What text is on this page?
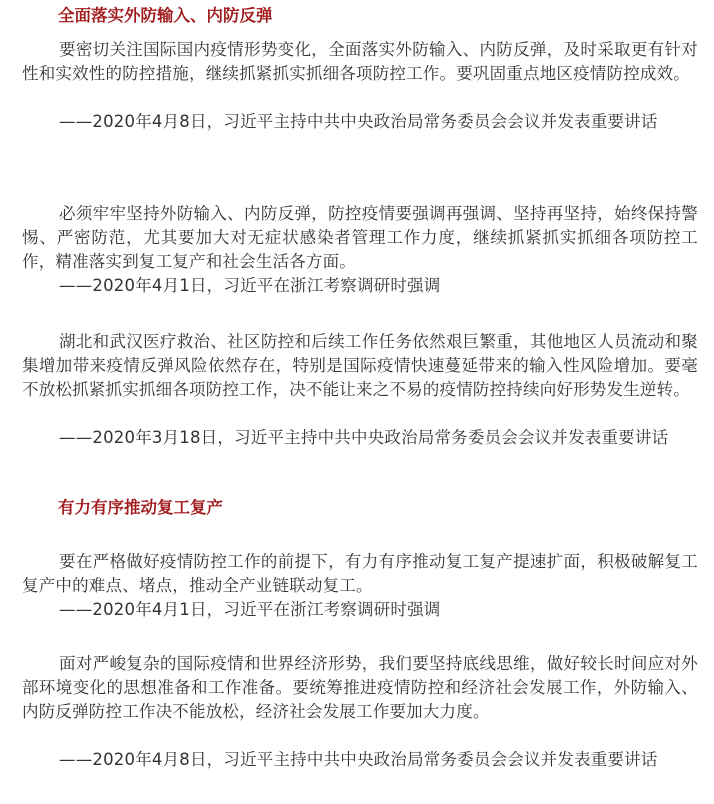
全面落实外防输入、内防反弹

要密切关注国际国内疫情形势变化，全面落实外防输入、内防反弹，及时采取更有针对性和实效性的防控措施，继续抓紧抓实抓细各项防控工作。要巩固重点地区疫情防控成效。

——2020年4月8日，习近平主持中共中央政治局常务委员会会议并发表重要讲话

必须牢牢坚持外防输入、内防反弹，防控疫情要强调再强调、坚持再坚持，始终保持警惕、严密防范，尤其要加大对无症状感染者管理工作力度，继续抓紧抓实抓细各项防控工作，精准落实到复工复产和社会生活各方面。

——2020年4月1日，习近平在浙江考察调研时强调

湖北和武汉医疗救治、社区防控和后续工作任务依然艰巨繁重，其他地区人员流动和聚集增加带来疫情反弹风险依然存在，特别是国际疫情快速蔓延带来的输入性风险增加。要毫不放松抓紧抓实抓细各项防控工作，决不能让来之不易的疫情防控持续向好形势发生逆转。

——2020年3月18日，习近平主持中共中央政治局常务委员会会议并发表重要讲话

有力有序推动复工复产

要在严格做好疫情防控工作的前提下，有力有序推动复工复产提速扩面，积极破解复工复产中的难点、堵点，推动全产业链联动复工。

——2020年4月1日，习近平在浙江考察调研时强调

面对严峻复杂的国际疫情和世界经济形势，我们要坚持底线思维，做好较长时间应对外部环境变化的思想准备和工作准备。要统筹推进疫情防控和经济社会发展工作，外防输入、内防反弹防控工作决不能放松，经济社会发展工作要加大力度。

——2020年4月8日，习近平主持中共中央政治局常务委员会会议并发表重要讲话
